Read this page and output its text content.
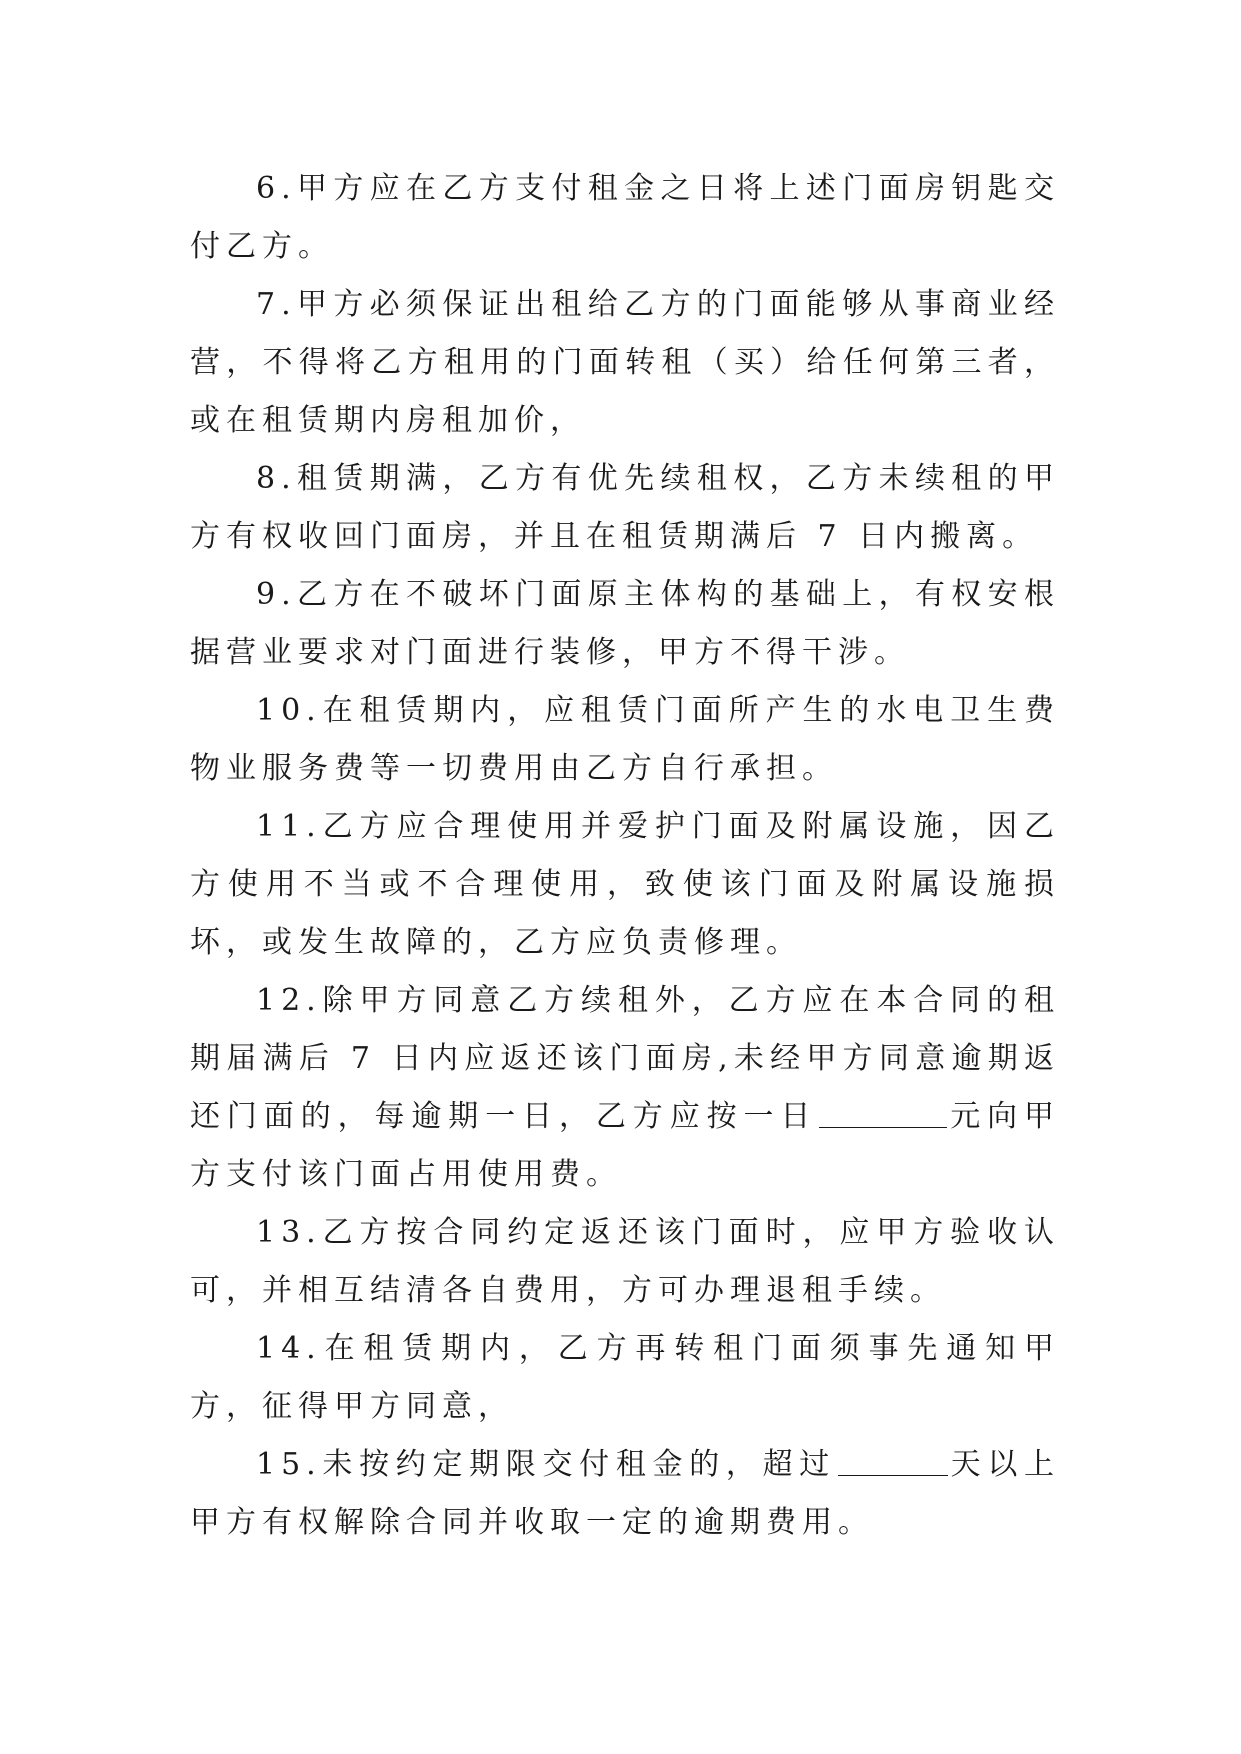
6.甲方应在乙方支付租金之日将上述门面房钥匙交付乙方。

7.甲方必须保证出租给乙方的门面能够从事商业经营，不得将乙方租用的门面转租（买）给任何第三者，或在租赁期内房租加价，

8.租赁期满，乙方有优先续租权，乙方未续租的甲方有权收回门面房，并且在租赁期满后 7 日内搬离。

9.乙方在不破坏门面原主体构的基础上，有权安根据营业要求对门面进行装修，甲方不得干涉。

10.在租赁期内，应租赁门面所产生的水电卫生费物业服务费等一切费用由乙方自行承担。

11.乙方应合理使用并爱护门面及附属设施，因乙方使用不当或不合理使用，致使该门面及附属设施损坏，或发生故障的，乙方应负责修理。

12.除甲方同意乙方续租外，乙方应在本合同的租期届满后 7 日内应返还该门面房,未经甲方同意逾期返还门面的，每逾期一日，乙方应按一日	元向甲方支付该门面占用使用费。

13.乙方按合同约定返还该门面时，应甲方验收认可，并相互结清各自费用，方可办理退租手续。

14.在租赁期内，乙方再转租门面须事先通知甲方，征得甲方同意，

15.未按约定期限交付租金的，超过	天以上甲方有权解除合同并收取一定的逾期费用。
